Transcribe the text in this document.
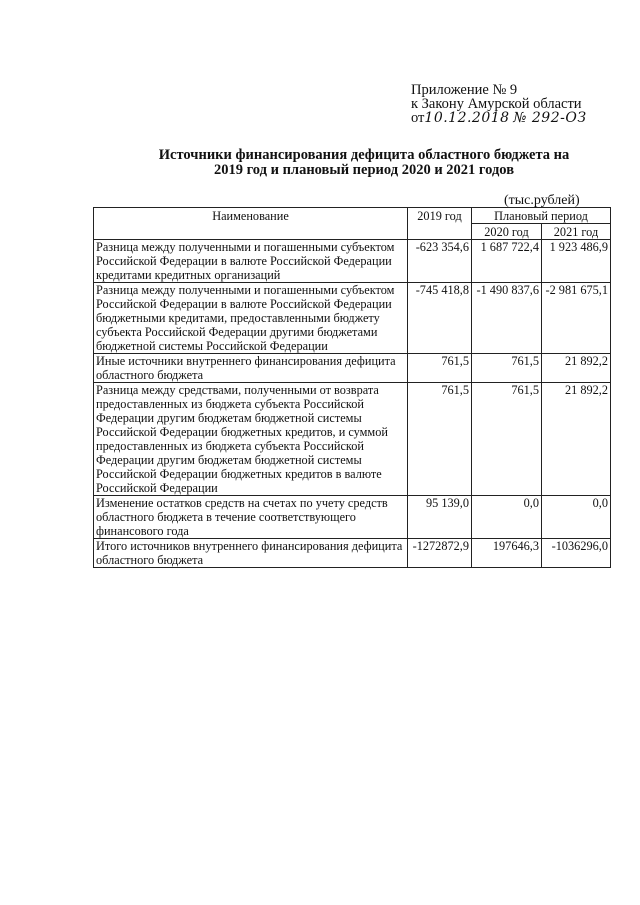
Приложение № 9
к Закону Амурской области
от10.12.2018 № 292-ОЗ
Источники финансирования дефицита областного бюджета на
2019 год и плановый период 2020 и 2021 годов
(тыс.рублей)
Наименование	2019 год	Плановый период	
		2020 год	2021 год
Разница между полученными и погашенными субъектом Российской Федерации в валюте Российской Федерации кредитами кредитных организаций	-623 354,6	1 687 722,4	1 923 486,9
Разница между полученными и погашенными субъектом Российской Федерации в валюте Российской Федерации бюджетными кредитами, предоставленными бюджету субъекта Российской Федерации другими бюджетами бюджетной системы Российской Федерации	-745 418,8	-1 490 837,6	-2 981 675,1
Иные источники внутреннего финансирования дефицита областного бюджета	761,5	761,5	21 892,2
Разница между средствами, полученными от возврата предоставленных из бюджета субъекта Российской Федерации другим бюджетам бюджетной системы Российской Федерации бюджетных кредитов, и суммой предоставленных из бюджета субъекта Российской Федерации другим бюджетам бюджетной системы Российской Федерации бюджетных кредитов в валюте Российской Федерации	761,5	761,5	21 892,2
Изменение остатков средств на счетах по учету средств областного бюджета в течение соответствующего финансового года	95 139,0	0,0	0,0
Итого источников внутреннего финансирования дефицита областного бюджета	-1272872,9	197646,3	-1036296,0
